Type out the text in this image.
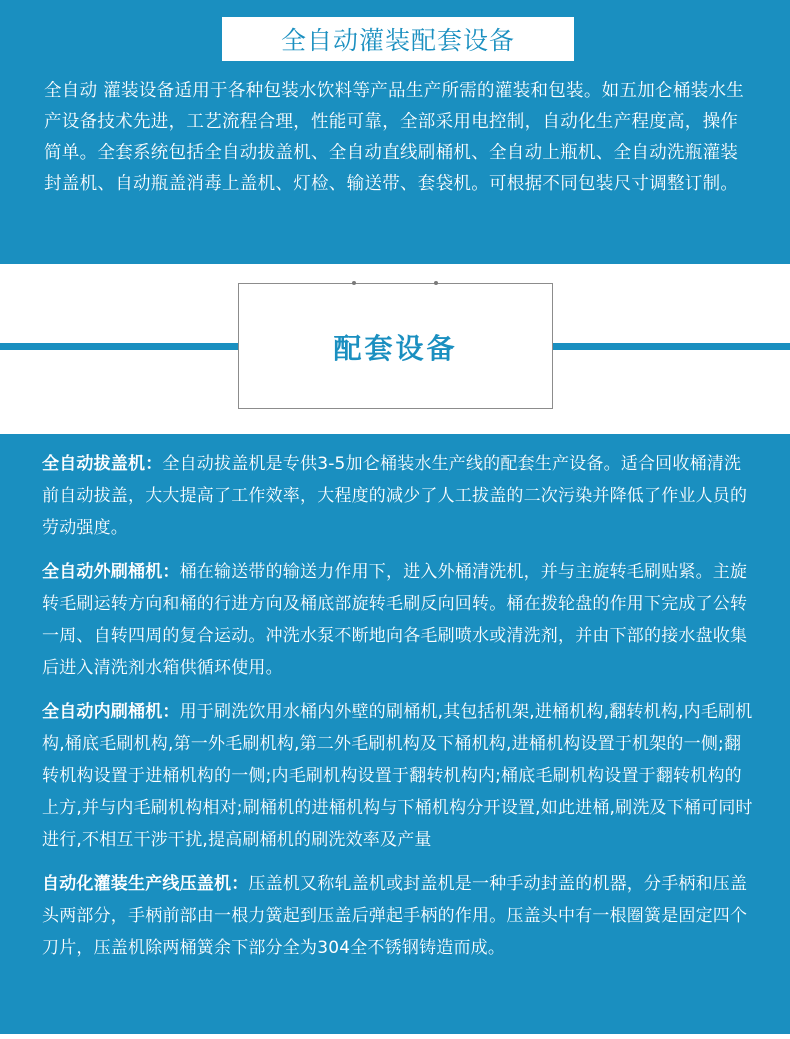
全自动灌装配套设备

全自动 灌装设备适用于各种包装水饮料等产品生产所需的灌装和包装。如五加仑桶装水生产设备技术先进，工艺流程合理，性能可靠，全部采用电控制，自动化生产程度高，操作简单。全套系统包括全自动拔盖机、全自动直线刷桶机、全自动上瓶机、全自动洗瓶灌装封盖机、自动瓶盖消毒上盖机、灯检、输送带、套袋机。可根据不同包装尺寸调整订制。

配套设备

全自动拔盖机：全自动拔盖机是专供3-5加仑桶装水生产线的配套生产设备。适合回收桶清洗前自动拔盖，大大提高了工作效率，大程度的减少了人工拔盖的二次污染并降低了作业人员的劳动强度。

全自动外刷桶机：桶在输送带的输送力作用下，进入外桶清洗机，并与主旋转毛刷贴紧。主旋转毛刷运转方向和桶的行进方向及桶底部旋转毛刷反向回转。桶在拨轮盘的作用下完成了公转一周、自转四周的复合运动。冲洗水泵不断地向各毛刷喷水或清洗剂，并由下部的接水盘收集后进入清洗剂水箱供循环使用。

全自动内刷桶机：用于刷洗饮用水桶内外壁的刷桶机,其包括机架,进桶机构,翻转机构,内毛刷机构,桶底毛刷机构,第一外毛刷机构,第二外毛刷机构及下桶机构,进桶机构设置于机架的一侧;翻转机构设置于进桶机构的一侧;内毛刷机构设置于翻转机构内;桶底毛刷机构设置于翻转机构的上方,并与内毛刷机构相对;刷桶机的进桶机构与下桶机构分开设置,如此进桶,刷洗及下桶可同时进行,不相互干涉干扰,提高刷桶机的刷洗效率及产量

自动化灌装生产线压盖机：压盖机又称轧盖机或封盖机是一种手动封盖的机器，分手柄和压盖头两部分，手柄前部由一根力簧起到压盖后弹起手柄的作用。压盖头中有一根圈簧是固定四个刀片，压盖机除两桶簧余下部分全为304全不锈钢铸造而成。
